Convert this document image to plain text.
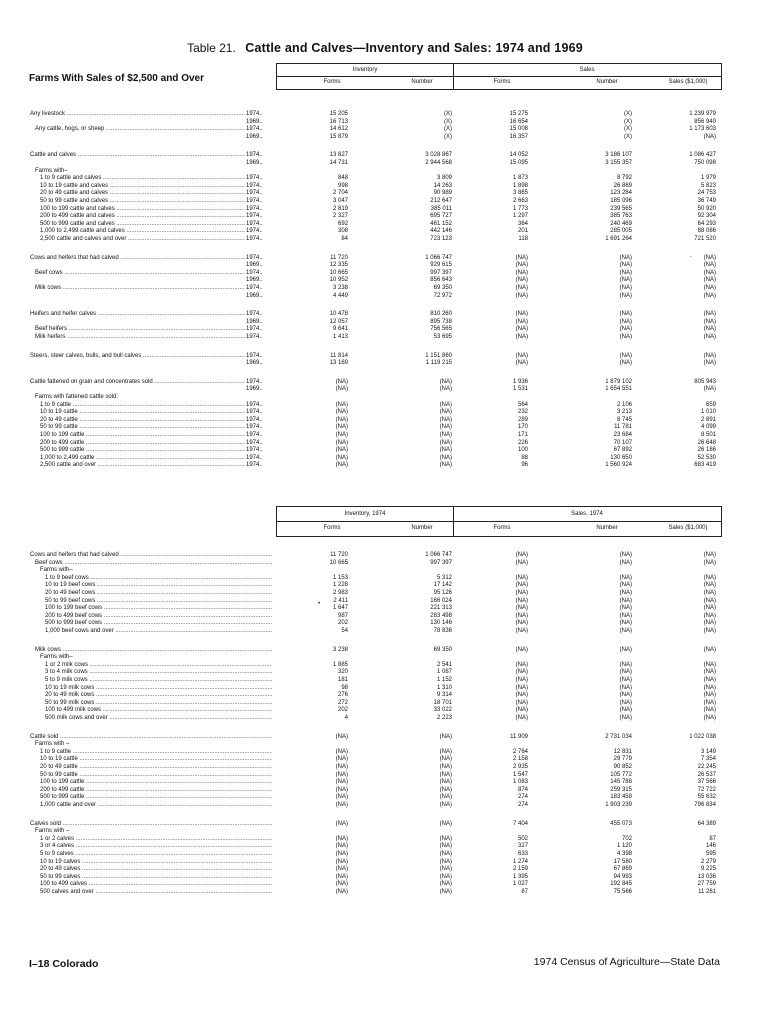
Table 21. Cattle and Calves—Inventory and Sales: 1974 and 1969
Farms With Sales of $2,500 and Over
Inventory	Sales
Forms	Number	Forms	Number	Sales ($1,000)
Inventory, 1974	Sales, 1974
Forms	Number	Forms	Number	Sales ($1,000)
Any livestock .....	1974..	15 205	(X)	15 275	(X)	1 239 979
1969..	16 713	(X)	16 654	(X)	856 940
Any cattle, hogs, or sheep .....	1974..	14 612	(X)	15 008	(X)	1 173 603
1969..	15 879	(X)	16 357	(X)	(NA)
Cattle and calves .....	1974..	13 827	3 028 867	14 052	3 186 107	1 086 427
1969..	14 731	2 944 568	15 095	3 155 357	750 098
Farms with–
1 to 9 cattle and calves .....	1974..	848	3 809	1 873	8 792	1 979
10 to 19 cattle and calves .....	1974..	998	14 263	1 898	26 869	5 823
20 to 49 cattle and calves .....	1974..	2 704	90 989	3 865	123 284	24 753
50 to 99 cattle and calves .....	1974..	3 047	212 647	2 663	185 096	36 749
100 to 199 cattle and calves .....	1974..	2 819	385 011	1 773	239 565	50 920
200 to 499 cattle and calves .....	1974..	2 327	695 727	1 297	385 763	92 304
500 to 999 cattle and calves .....	1974..	692	461 152	364	240 469	64 293
1,000 to 2,499 cattle and calves .....	1974..	308	442 146	201	285 005	88 086
2,500 cattle and calves and over .....	1974..	84	723 123	118	1 691 264	721 520
Cows and heifers that had calved .....	1974..	11 720	1 066 747	(NA)	(NA)	(NA)
1969..	12 335	929 615	(NA)	(NA)	(NA)
Beef cows .....	1974..	10 665	997 397	(NA)	(NA)	(NA)
1969..	10 952	856 643	(NA)	(NA)	(NA)
Milk cows .....	1974..	3 238	69 350	(NA)	(NA)	(NA)
1969..	4 449	72 972	(NA)	(NA)	(NA)
Heifers and heifer calves .....	1974..	10 478	810 260	(NA)	(NA)	(NA)
1969..	12 057	895 738	(NA)	(NA)	(NA)
Beef heifers .....	1974..	9 641	756 565	(NA)	(NA)	(NA)
Milk heifers .....	1974..	1 413	53 695	(NA)	(NA)	(NA)
Steers, steer calves, bulls, and bull calves .....	1974..	11 814	1 151 860	(NA)	(NA)	(NA)
1969..	13 169	1 119 215	(NA)	(NA)	(NA)
Cattle fattened on grain and concentrates sold .....	1974..	(NA)	(NA)	1 936	1 879 102	805 943
1969..	(NA)	(NA)	1 531	1 654 551	(NA)
Farms with fattened cattle sold:
1 to 9 cattle .....	1974..	(NA)	(NA)	564	2 106	659
10 to 19 cattle .....	1974..	(NA)	(NA)	232	3 213	1 010
20 to 49 cattle .....	1974..	(NA)	(NA)	289	8 745	2 891
50 to 99 cattle .....	1974..	(NA)	(NA)	170	11 781	4 099
100 to 199 cattle .....	1974..	(NA)	(NA)	171	23 684	8 501
200 to 499 cattle .....	1974..	(NA)	(NA)	226	70 107	26 648
500 to 999 cattle .....	1974..	(NA)	(NA)	100	67 892	26 186
1,000 to 2,499 cattle .....	1974..	(NA)	(NA)	88	130 650	52 530
2,500 cattle and over .....	1974..	(NA)	(NA)	96	1 560 924	683 419
Cows and heifers that had calved .....	11 720	1 066 747	(NA)	(NA)	(NA)
Beef cows .....	10 665	997 397	(NA)	(NA)	(NA)
Farms with–
1 to 9 beef cows .....	1 153	5 312	(NA)	(NA)	(NA)
10 to 19 beef cows .....	1 228	17 142	(NA)	(NA)	(NA)
20 to 49 beef cows .....	2 983	95 126	(NA)	(NA)	(NA)
50 to 99 beef cows .....	2 411	166 024	(NA)	(NA)	(NA)
100 to 199 beef cows .....	1 647	221 313	(NA)	(NA)	(NA)
200 to 499 beef cows .....	987	283 498	(NA)	(NA)	(NA)
500 to 999 beef cows .....	202	130 146	(NA)	(NA)	(NA)
1,000 beef cows and over .....	54	78 836	(NA)	(NA)	(NA)
Milk cows .....	3 238	69 350	(NA)	(NA)	(NA)
Farms with–
1 or 2 milk cows .....	1 885	2 541	(NA)	(NA)	(NA)
3 to 4 milk cows .....	320	1 087	(NA)	(NA)	(NA)
5 to 9 milk cows .....	181	1 152	(NA)	(NA)	(NA)
10 to 19 milk cows .....	98	1 310	(NA)	(NA)	(NA)
20 to 49 milk cows .....	276	9 314	(NA)	(NA)	(NA)
50 to 99 milk cows .....	272	18 701	(NA)	(NA)	(NA)
100 to 499 milk cows .....	202	33 022	(NA)	(NA)	(NA)
500 milk cows and over .....	4	2 223	(NA)	(NA)	(NA)
Cattle sold .....	(NA)	(NA)	11 909	2 731 034	1 022 038
Farms with –
1 to 9 cattle .....	(NA)	(NA)	2 764	12 831	3 149
10 to 19 cattle .....	(NA)	(NA)	2 158	29 779	7 354
20 to 49 cattle .....	(NA)	(NA)	2 935	90 852	22 245
50 to 99 cattle .....	(NA)	(NA)	1 547	105 772	26 537
100 to 199 cattle .....	(NA)	(NA)	1 083	145 788	37 566
200 to 499 cattle .....	(NA)	(NA)	874	259 315	72 722
500 to 999 cattle .....	(NA)	(NA)	274	183 458	55 632
1,000 cattle and over .....	(NA)	(NA)	274	1 903 239	796 834
Calves sold .....	(NA)	(NA)	7 404	455 073	64 389
Farms with –
1 or 2 calves .....	(NA)	(NA)	502	702	87
3 or 4 calves .....	(NA)	(NA)	327	1 120	146
5 to 9 calves .....	(NA)	(NA)	633	4 398	595
10 to 19 calves .....	(NA)	(NA)	1 274	17 580	2 279
20 to 49 calves .....	(NA)	(NA)	2 159	67 869	9 225
50 to 99 calves .....	(NA)	(NA)	1 395	94 993	13 036
100 to 499 calves .....	(NA)	(NA)	1 027	192 845	27 759
500 calves and over .....	(NA)	(NA)	87	75 566	11 261
.
•
I–18 Colorado	1974 Census of Agriculture—State Data
